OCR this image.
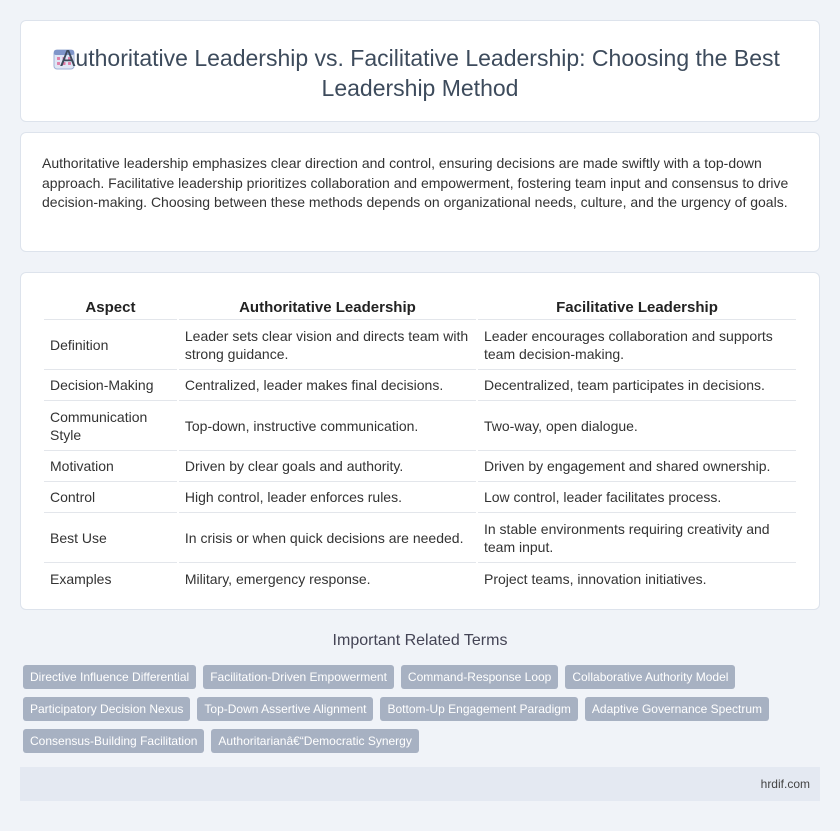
Authoritative Leadership vs. Facilitative Leadership: Choosing the Best Leadership Method

Authoritative leadership emphasizes clear direction and control, ensuring decisions are made swiftly with a top-down approach. Facilitative leadership prioritizes collaboration and empowerment, fostering team input and consensus to drive decision-making. Choosing between these methods depends on organizational needs, culture, and the urgency of goals.

Aspect	Authoritative Leadership	Facilitative Leadership
Definition	Leader sets clear vision and directs team with strong guidance.	Leader encourages collaboration and supports team decision-making.
Decision-Making	Centralized, leader makes final decisions.	Decentralized, team participates in decisions.
Communication Style	Top-down, instructive communication.	Two-way, open dialogue.
Motivation	Driven by clear goals and authority.	Driven by engagement and shared ownership.
Control	High control, leader enforces rules.	Low control, leader facilitates process.
Best Use	In crisis or when quick decisions are needed.	In stable environments requiring creativity and team input.
Examples	Military, emergency response.	Project teams, innovation initiatives.
Important Related Terms
Directive Influence Differential	Facilitation-Driven Empowerment	Command-Response Loop	Collaborative Authority Model
Participatory Decision Nexus	Top-Down Assertive Alignment	Bottom-Up Engagement Paradigm	Adaptive Governance Spectrum
Consensus-Building Facilitation	Authoritarianâ€“Democratic Synergy
hrdif.com
